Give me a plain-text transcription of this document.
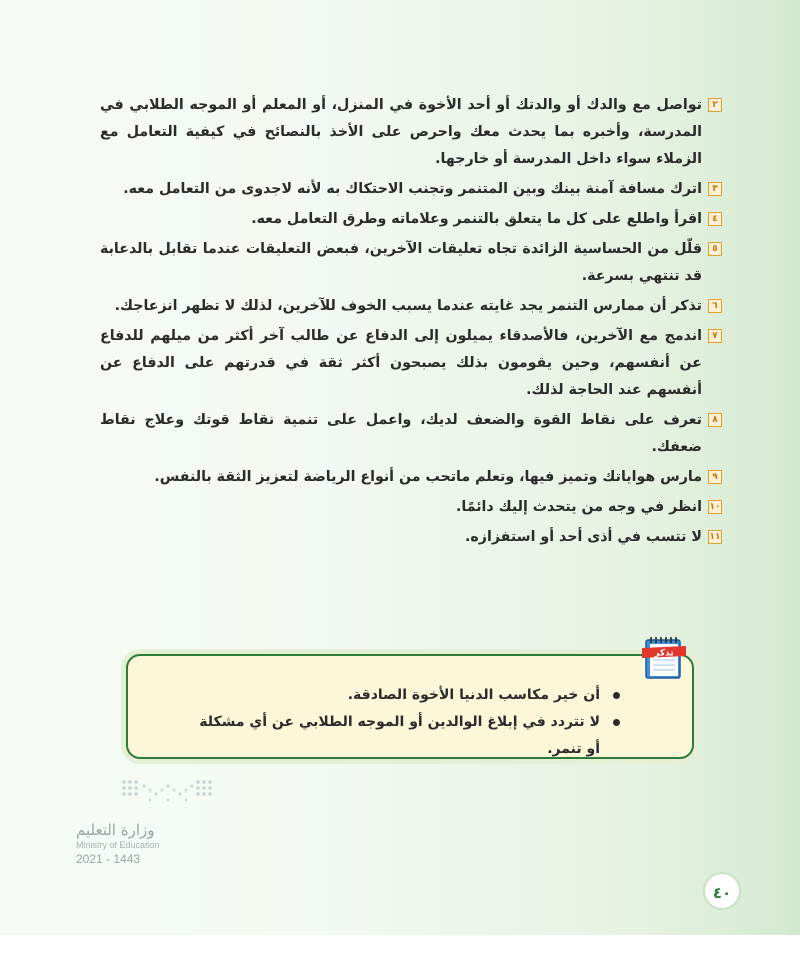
٢
تواصل مع والدك أو والدتك أو أحد الأخوة في المنزل، أو المعلم أو الموجه الطلابي في المدرسة، وأخبره بما يحدث معك واحرص على الأخذ بالنصائح في كيفية التعامل مع الزملاء سواء داخل المدرسة أو خارجها.
٣
اترك مسافة آمنة بينك وبين المتنمر وتجنب الاحتكاك به لأنه لاجدوى من التعامل معه.
٤
اقرأ واطلع على كل ما يتعلق بالتنمر وعلاماته وطرق التعامل معه.
٥
قلّل من الحساسية الزائدة تجاه تعليقات الآخرين، فبعض التعليقات عندما تقابل بالدعابة قد تنتهي بسرعة.
٦
تذكر أن ممارس التنمر يجد غايته عندما يسبب الخوف للآخرين، لذلك لا تظهر انزعاجك.
٧
اندمج مع الآخرين، فالأصدقاء يميلون إلى الدفاع عن طالب آخر أكثر من ميلهم للدفاع عن أنفسهم، وحين يقومون بذلك يصبحون أكثر ثقة في قدرتهم على الدفاع عن أنفسهم عند الحاجة لذلك.
٨
تعرف على نقاط القوة والضعف لديك، واعمل على تنمية نقاط قوتك وعلاج نقاط ضعفك.
٩
مارس هواياتك وتميز فيها، وتعلم ماتحب من أنواع الرياضة لتعزيز الثقة بالنفس.
١٠
انظر في وجه من يتحدث إليك دائمًا.
١١
لا تتسب في أذى أحد أو استفزازه.
أن خير مكاسب الدنيا الأخوة الصادقة.
لا تتردد في إبلاغ الوالدين أو الموجه الطلابي عن أي مشكلة أو تنمر.
تذكر
وزارة التعليم
Ministry of Education
2021 - 1443
٤٠
